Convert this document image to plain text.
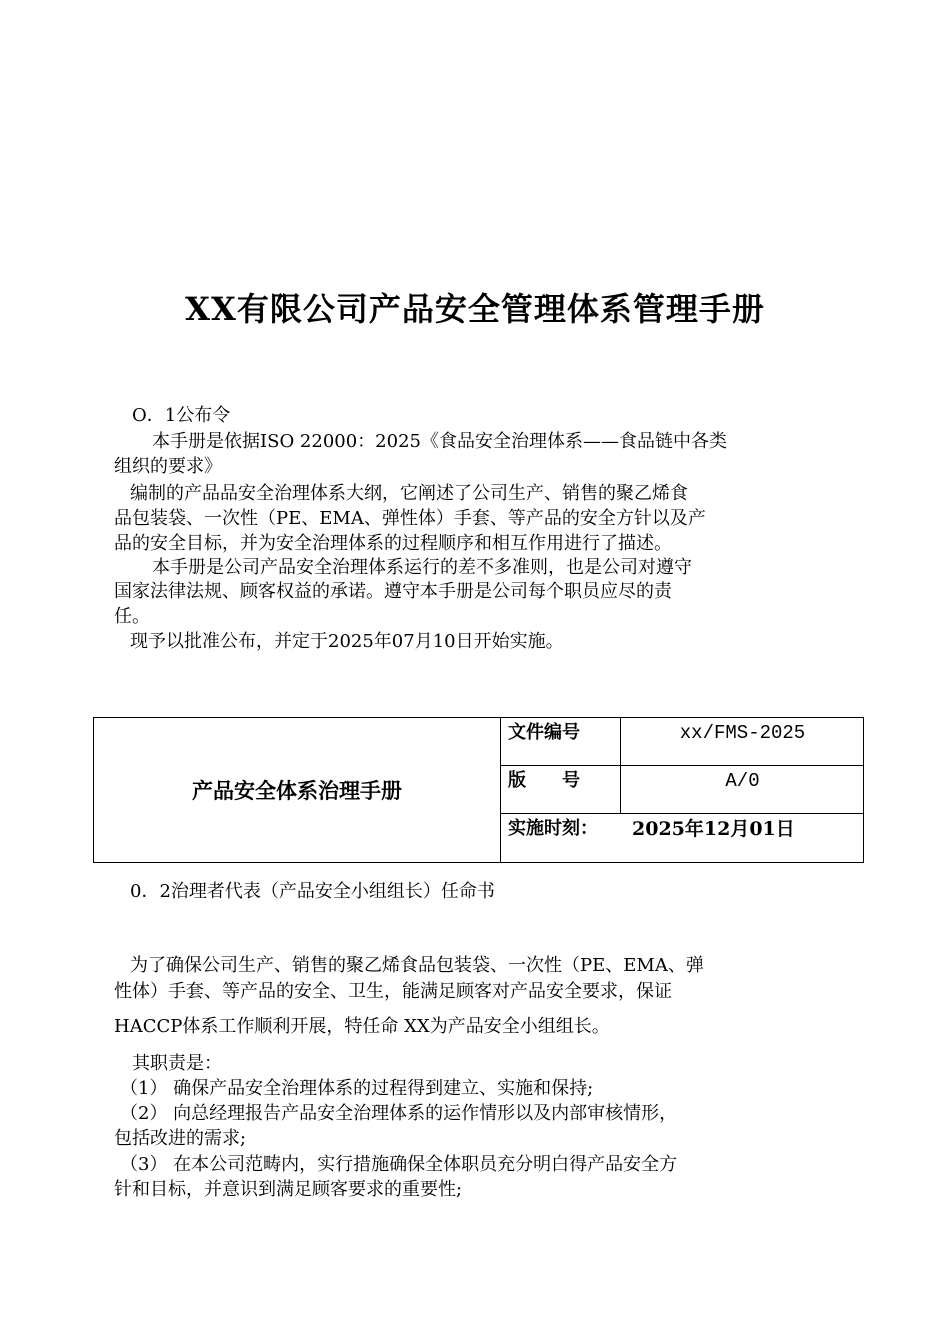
XX有限公司产品安全管理体系管理手册
O．1公布令
本手册是依据ISO 22000：2025《食品安全治理体系——食品链中各类
组织的要求》
编制的产品品安全治理体系大纲，它阐述了公司生产、销售的聚乙烯食
品包装袋、一次性（PE、EMA、弹性体）手套、等产品的安全方针以及产
品的安全目标，并为安全治理体系的过程顺序和相互作用进行了描述。
本手册是公司产品安全治理体系运行的差不多准则，也是公司对遵守
国家法律法规、顾客权益的承诺。遵守本手册是公司每个职员应尽的责
任。
现予以批准公布，并定于2025年07月10日开始实施。
产品安全体系治理手册
文件编号	xx/FMS-2025
版　　号	A/0
实施时刻： 2025年12月01日
0．2治理者代表（产品安全小组组长）任命书
为了确保公司生产、销售的聚乙烯食品包装袋、一次性（PE、EMA、弹
性体）手套、等产品的安全、卫生，能满足顾客对产品安全要求，保证
HACCP体系工作顺利开展，特任命 XX为产品安全小组组长。
其职责是：
（1） 确保产品安全治理体系的过程得到建立、实施和保持;
（2） 向总经理报告产品安全治理体系的运作情形以及内部审核情形，
包括改进的需求;
（3） 在本公司范畴内，实行措施确保全体职员充分明白得产品安全方
针和目标，并意识到满足顾客要求的重要性;
